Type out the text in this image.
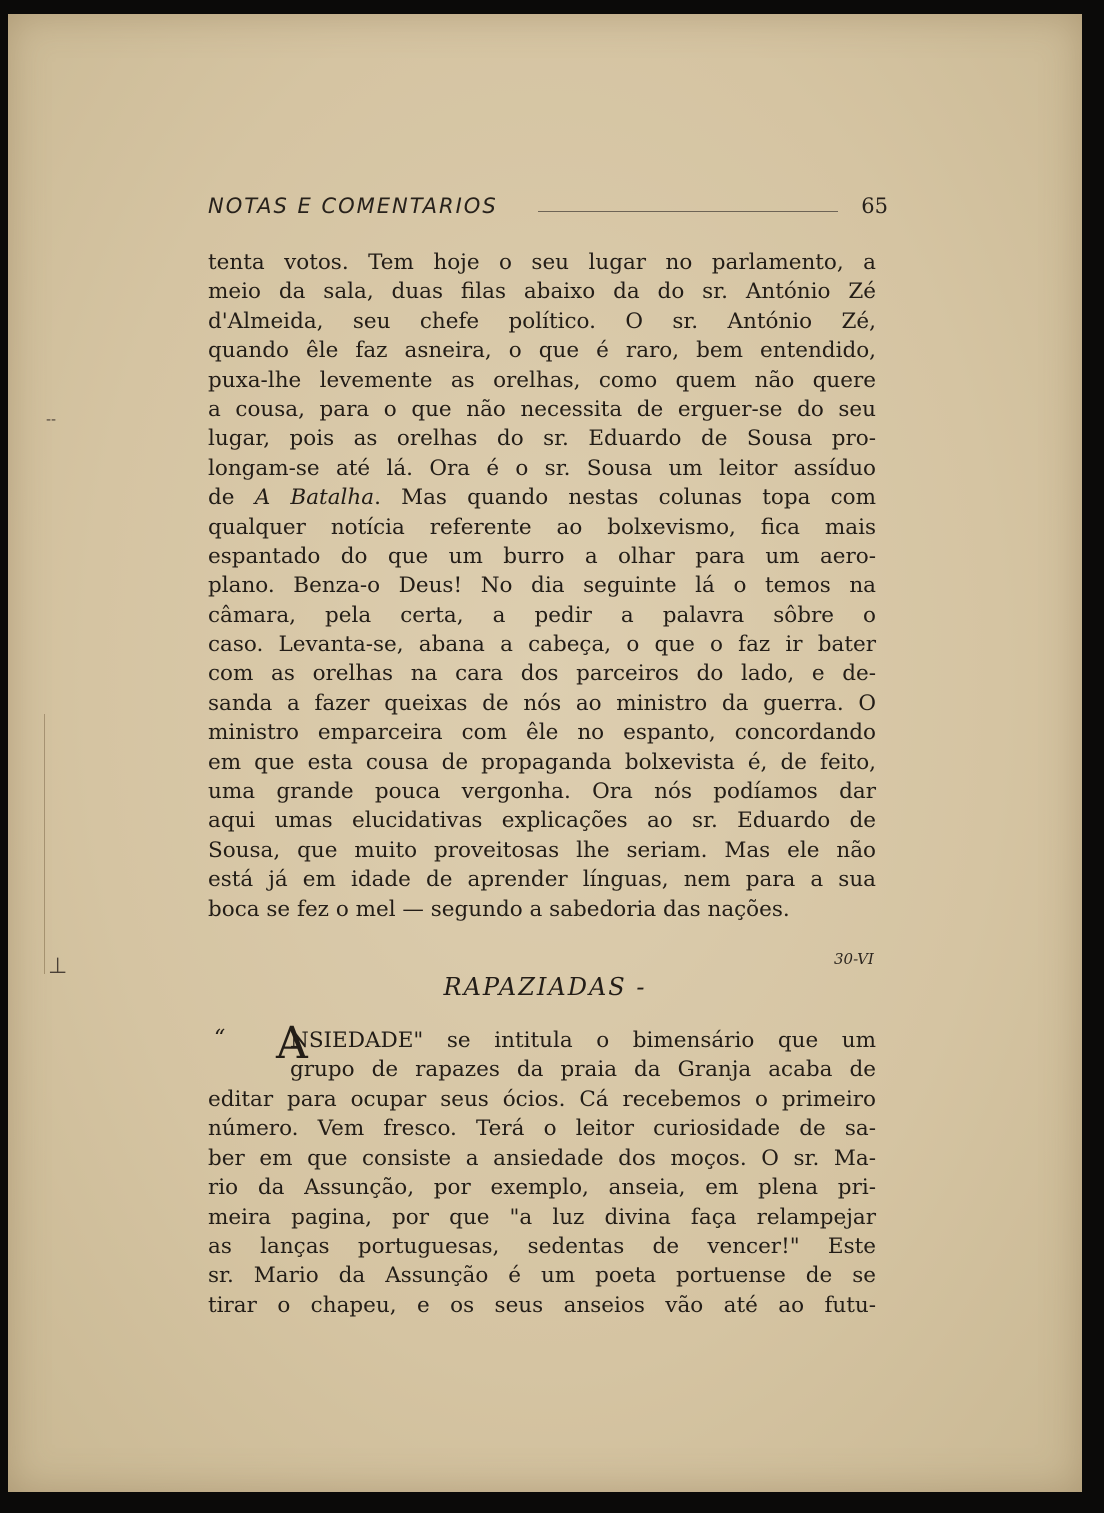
--
⊥
NOTAS E COMENTARIOS	65
tenta votos. Tem hoje o seu lugar no parlamento, a
meio da sala, duas filas abaixo da do sr. António Zé
d'Almeida, seu chefe político. O sr. António Zé,
quando êle faz asneira, o que é raro, bem entendido,
puxa-lhe levemente as orelhas, como quem não quere
a cousa, para o que não necessita de erguer-se do seu
lugar, pois as orelhas do sr. Eduardo de Sousa pro-
longam-se até lá. Ora é o sr. Sousa um leitor assíduo
de A Batalha. Mas quando nestas colunas topa com
qualquer notícia referente ao bolxevismo, fica mais
espantado do que um burro a olhar para um aero-
plano. Benza-o Deus! No dia seguinte lá o temos na
câmara, pela certa, a pedir a palavra sôbre o
caso. Levanta-se, abana a cabeça, o que o faz ir bater
com as orelhas na cara dos parceiros do lado, e de-
sanda a fazer queixas de nós ao ministro da guerra. O
ministro emparceira com êle no espanto, concordando
em que esta cousa de propaganda bolxevista é, de feito,
uma grande pouca vergonha. Ora nós podíamos dar
aqui umas elucidativas explicações ao sr. Eduardo de
Sousa, que muito proveitosas lhe seriam. Mas ele não
está já em idade de aprender línguas, nem para a sua
boca se fez o mel — segundo a sabedoria das nações.
30-VI
RAPAZIADAS -
“ A
NSIEDADE" se intitula o bimensário que um
grupo de rapazes da praia da Granja acaba de
editar para ocupar seus ócios. Cá recebemos o primeiro
número. Vem fresco. Terá o leitor curiosidade de sa-
ber em que consiste a ansiedade dos moços. O sr. Ma-
rio da Assunção, por exemplo, anseia, em plena pri-
meira pagina, por que "a luz divina faça relampejar
as lanças portuguesas, sedentas de vencer!" Este
sr. Mario da Assunção é um poeta portuense de se
tirar o chapeu, e os seus anseios vão até ao futu-
